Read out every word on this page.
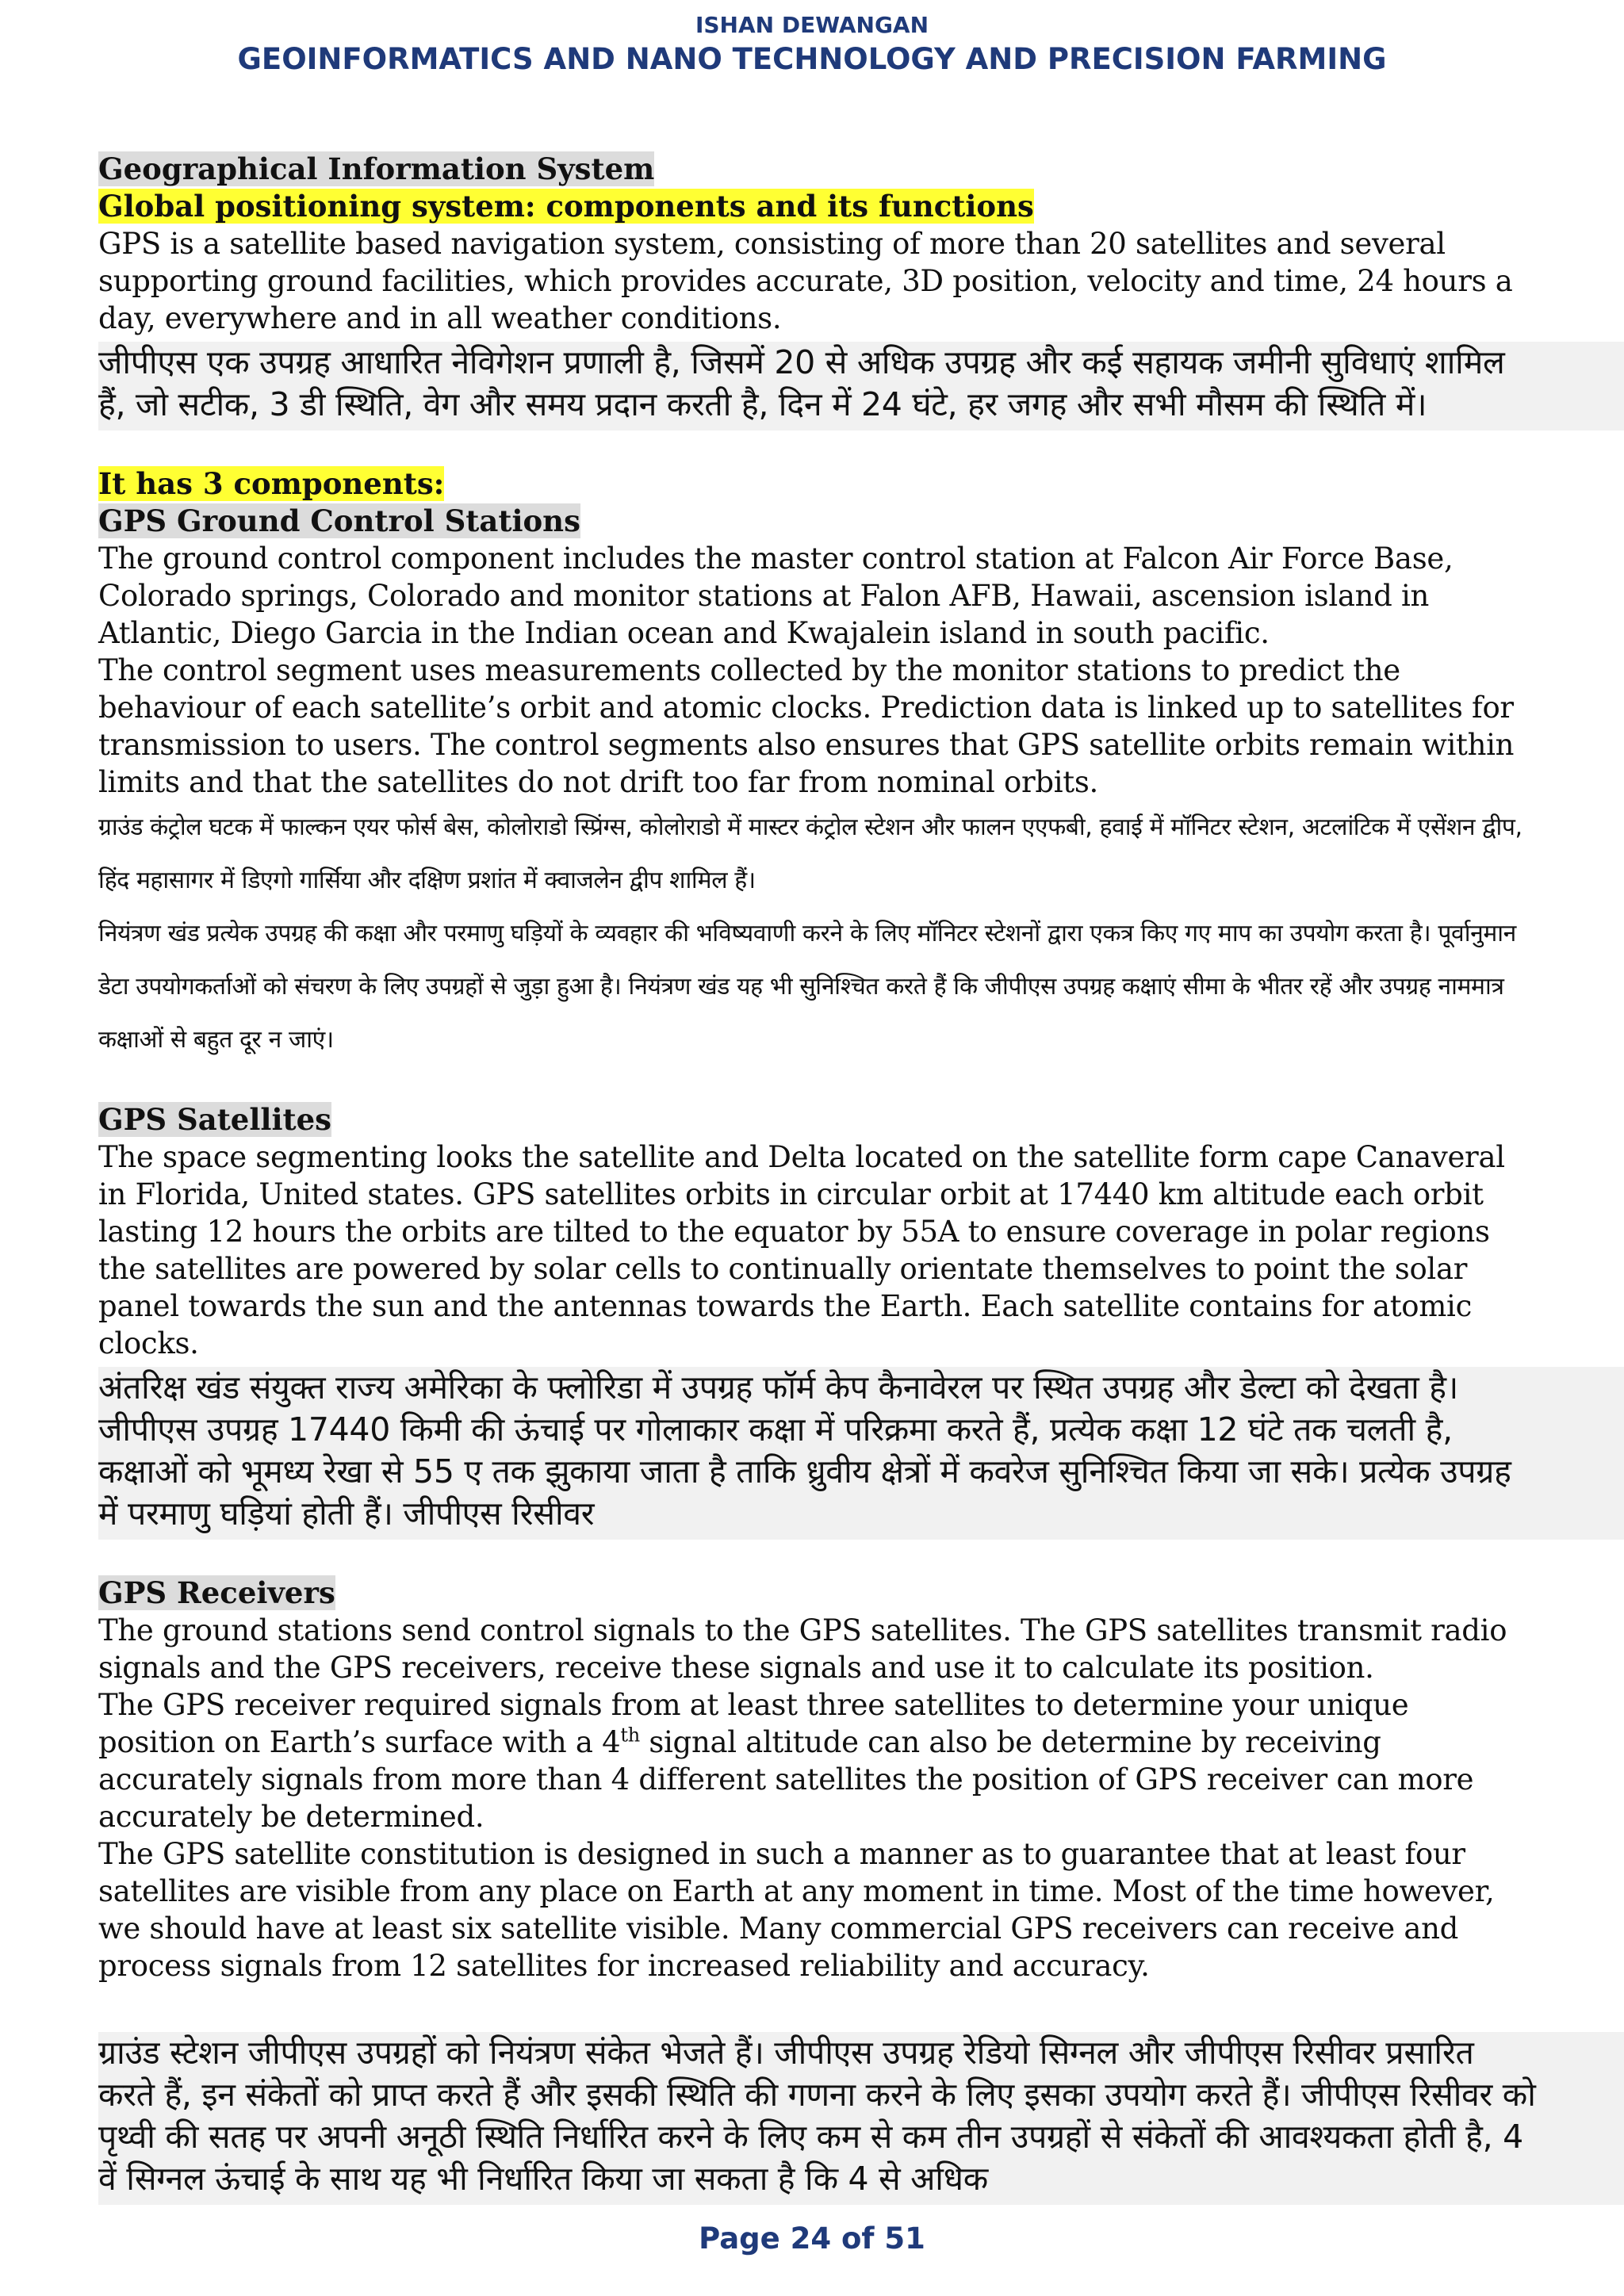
ISHAN DEWANGAN
GEOINFORMATICS AND NANO TECHNOLOGY AND PRECISION FARMING
Geographical Information System
Global positioning system: components and its functions
GPS is a satellite based navigation system, consisting of more than 20 satellites and several supporting ground facilities, which provides accurate, 3D position, velocity and time, 24 hours a day, everywhere and in all weather conditions.
जीपीएस एक उपग्रह आधारित नेविगेशन प्रणाली है, जिसमें 20 से अधिक उपग्रह और कई सहायक जमीनी सुविधाएं शामिल हैं, जो सटीक, 3 डी स्थिति, वेग और समय प्रदान करती है, दिन में 24 घंटे, हर जगह और सभी मौसम की स्थिति में।
It has 3 components:
GPS Ground Control Stations
The ground control component includes the master control station at Falcon Air Force Base, Colorado springs, Colorado and monitor stations at Falon AFB, Hawaii, ascension island in Atlantic, Diego Garcia in the Indian ocean and Kwajalein island in south pacific.
The control segment uses measurements collected by the monitor stations to predict the behaviour of each satellite’s orbit and atomic clocks. Prediction data is linked up to satellites for transmission to users. The control segments also ensures that GPS satellite orbits remain within limits and that the satellites do not drift too far from nominal orbits.
ग्राउंड कंट्रोल घटक में फाल्कन एयर फोर्स बेस, कोलोराडो स्प्रिंग्स, कोलोराडो में मास्टर कंट्रोल स्टेशन और फालन एएफबी, हवाई में मॉनिटर स्टेशन, अटलांटिक में एसेंशन द्वीप, हिंद महासागर में डिएगो गार्सिया और दक्षिण प्रशांत में क्वाजलेन द्वीप शामिल हैं।
नियंत्रण खंड प्रत्येक उपग्रह की कक्षा और परमाणु घड़ियों के व्यवहार की भविष्यवाणी करने के लिए मॉनिटर स्टेशनों द्वारा एकत्र किए गए माप का उपयोग करता है। पूर्वानुमान डेटा उपयोगकर्ताओं को संचरण के लिए उपग्रहों से जुड़ा हुआ है। नियंत्रण खंड यह भी सुनिश्चित करते हैं कि जीपीएस उपग्रह कक्षाएं सीमा के भीतर रहें और उपग्रह नाममात्र कक्षाओं से बहुत दूर न जाएं।
GPS Satellites
The space segmenting looks the satellite and Delta located on the satellite form cape Canaveral in Florida, United states. GPS satellites orbits in circular orbit at 17440 km altitude each orbit lasting 12 hours the orbits are tilted to the equator by 55A to ensure coverage in polar regions the satellites are powered by solar cells to continually orientate themselves to point the solar panel towards the sun and the antennas towards the Earth. Each satellite contains for atomic clocks.
अंतरिक्ष खंड संयुक्त राज्य अमेरिका के फ्लोरिडा में उपग्रह फॉर्म केप कैनावेरल पर स्थित उपग्रह और डेल्टा को देखता है। जीपीएस उपग्रह 17440 किमी की ऊंचाई पर गोलाकार कक्षा में परिक्रमा करते हैं, प्रत्येक कक्षा 12 घंटे तक चलती है, कक्षाओं को भूमध्य रेखा से 55 ए तक झुकाया जाता है ताकि ध्रुवीय क्षेत्रों में कवरेज सुनिश्चित किया जा सके। प्रत्येक उपग्रह में परमाणु घड़ियां होती हैं। जीपीएस रिसीवर
GPS Receivers
The ground stations send control signals to the GPS satellites. The GPS satellites transmit radio signals and the GPS receivers, receive these signals and use it to calculate its position.
The GPS receiver required signals from at least three satellites to determine your unique position on Earth’s surface with a 4th signal altitude can also be determine by receiving accurately signals from more than 4 different satellites the position of GPS receiver can more accurately be determined.
The GPS satellite constitution is designed in such a manner as to guarantee that at least four satellites are visible from any place on Earth at any moment in time. Most of the time however, we should have at least six satellite visible. Many commercial GPS receivers can receive and process signals from 12 satellites for increased reliability and accuracy.
ग्राउंड स्टेशन जीपीएस उपग्रहों को नियंत्रण संकेत भेजते हैं। जीपीएस उपग्रह रेडियो सिग्नल और जीपीएस रिसीवर प्रसारित करते हैं, इन संकेतों को प्राप्त करते हैं और इसकी स्थिति की गणना करने के लिए इसका उपयोग करते हैं। जीपीएस रिसीवर को पृथ्वी की सतह पर अपनी अनूठी स्थिति निर्धारित करने के लिए कम से कम तीन उपग्रहों से संकेतों की आवश्यकता होती है, 4 वें सिग्नल ऊंचाई के साथ यह भी निर्धारित किया जा सकता है कि 4 से अधिक
Page 24 of 51
